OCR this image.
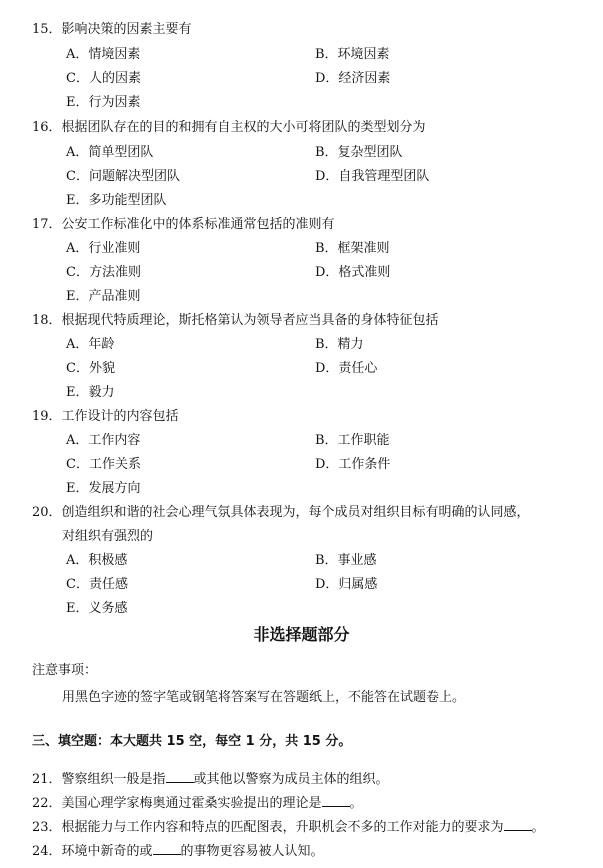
15．影响决策的因素主要有
A．情境因素	B．环境因素
C．人的因素	D．经济因素
E．行为因素
16．根据团队存在的目的和拥有自主权的大小可将团队的类型划分为
A．简单型团队	B．复杂型团队
C．问题解决型团队	D．自我管理型团队
E．多功能型团队
17．公安工作标准化中的体系标准通常包括的准则有
A．行业准则	B．框架准则
C．方法准则	D．格式准则
E．产品准则
18．根据现代特质理论，斯托格第认为领导者应当具备的身体特征包括
A．年龄	B．精力
C．外貌	D．责任心
E．毅力
19．工作设计的内容包括
A．工作内容	B．工作职能
C．工作关系	D．工作条件
E．发展方向
20．创造组织和谐的社会心理气氛具体表现为，每个成员对组织目标有明确的认同感，
对组织有强烈的
A．积极感	B．事业感
C．责任感	D．归属感
E．义务感
非选择题部分
注意事项：
用黑色字迹的签字笔或钢笔将答案写在答题纸上，不能答在试题卷上。
三、填空题：本大题共 15 空，每空 1 分，共 15 分。
21．警察组织一般是指 或其他以警察为成员主体的组织。
22．美国心理学家梅奥通过霍桑实验提出的理论是 。
23．根据能力与工作内容和特点的匹配图表，升职机会不多的工作对能力的要求为 。
24．环境中新奇的或 的事物更容易被人认知。
